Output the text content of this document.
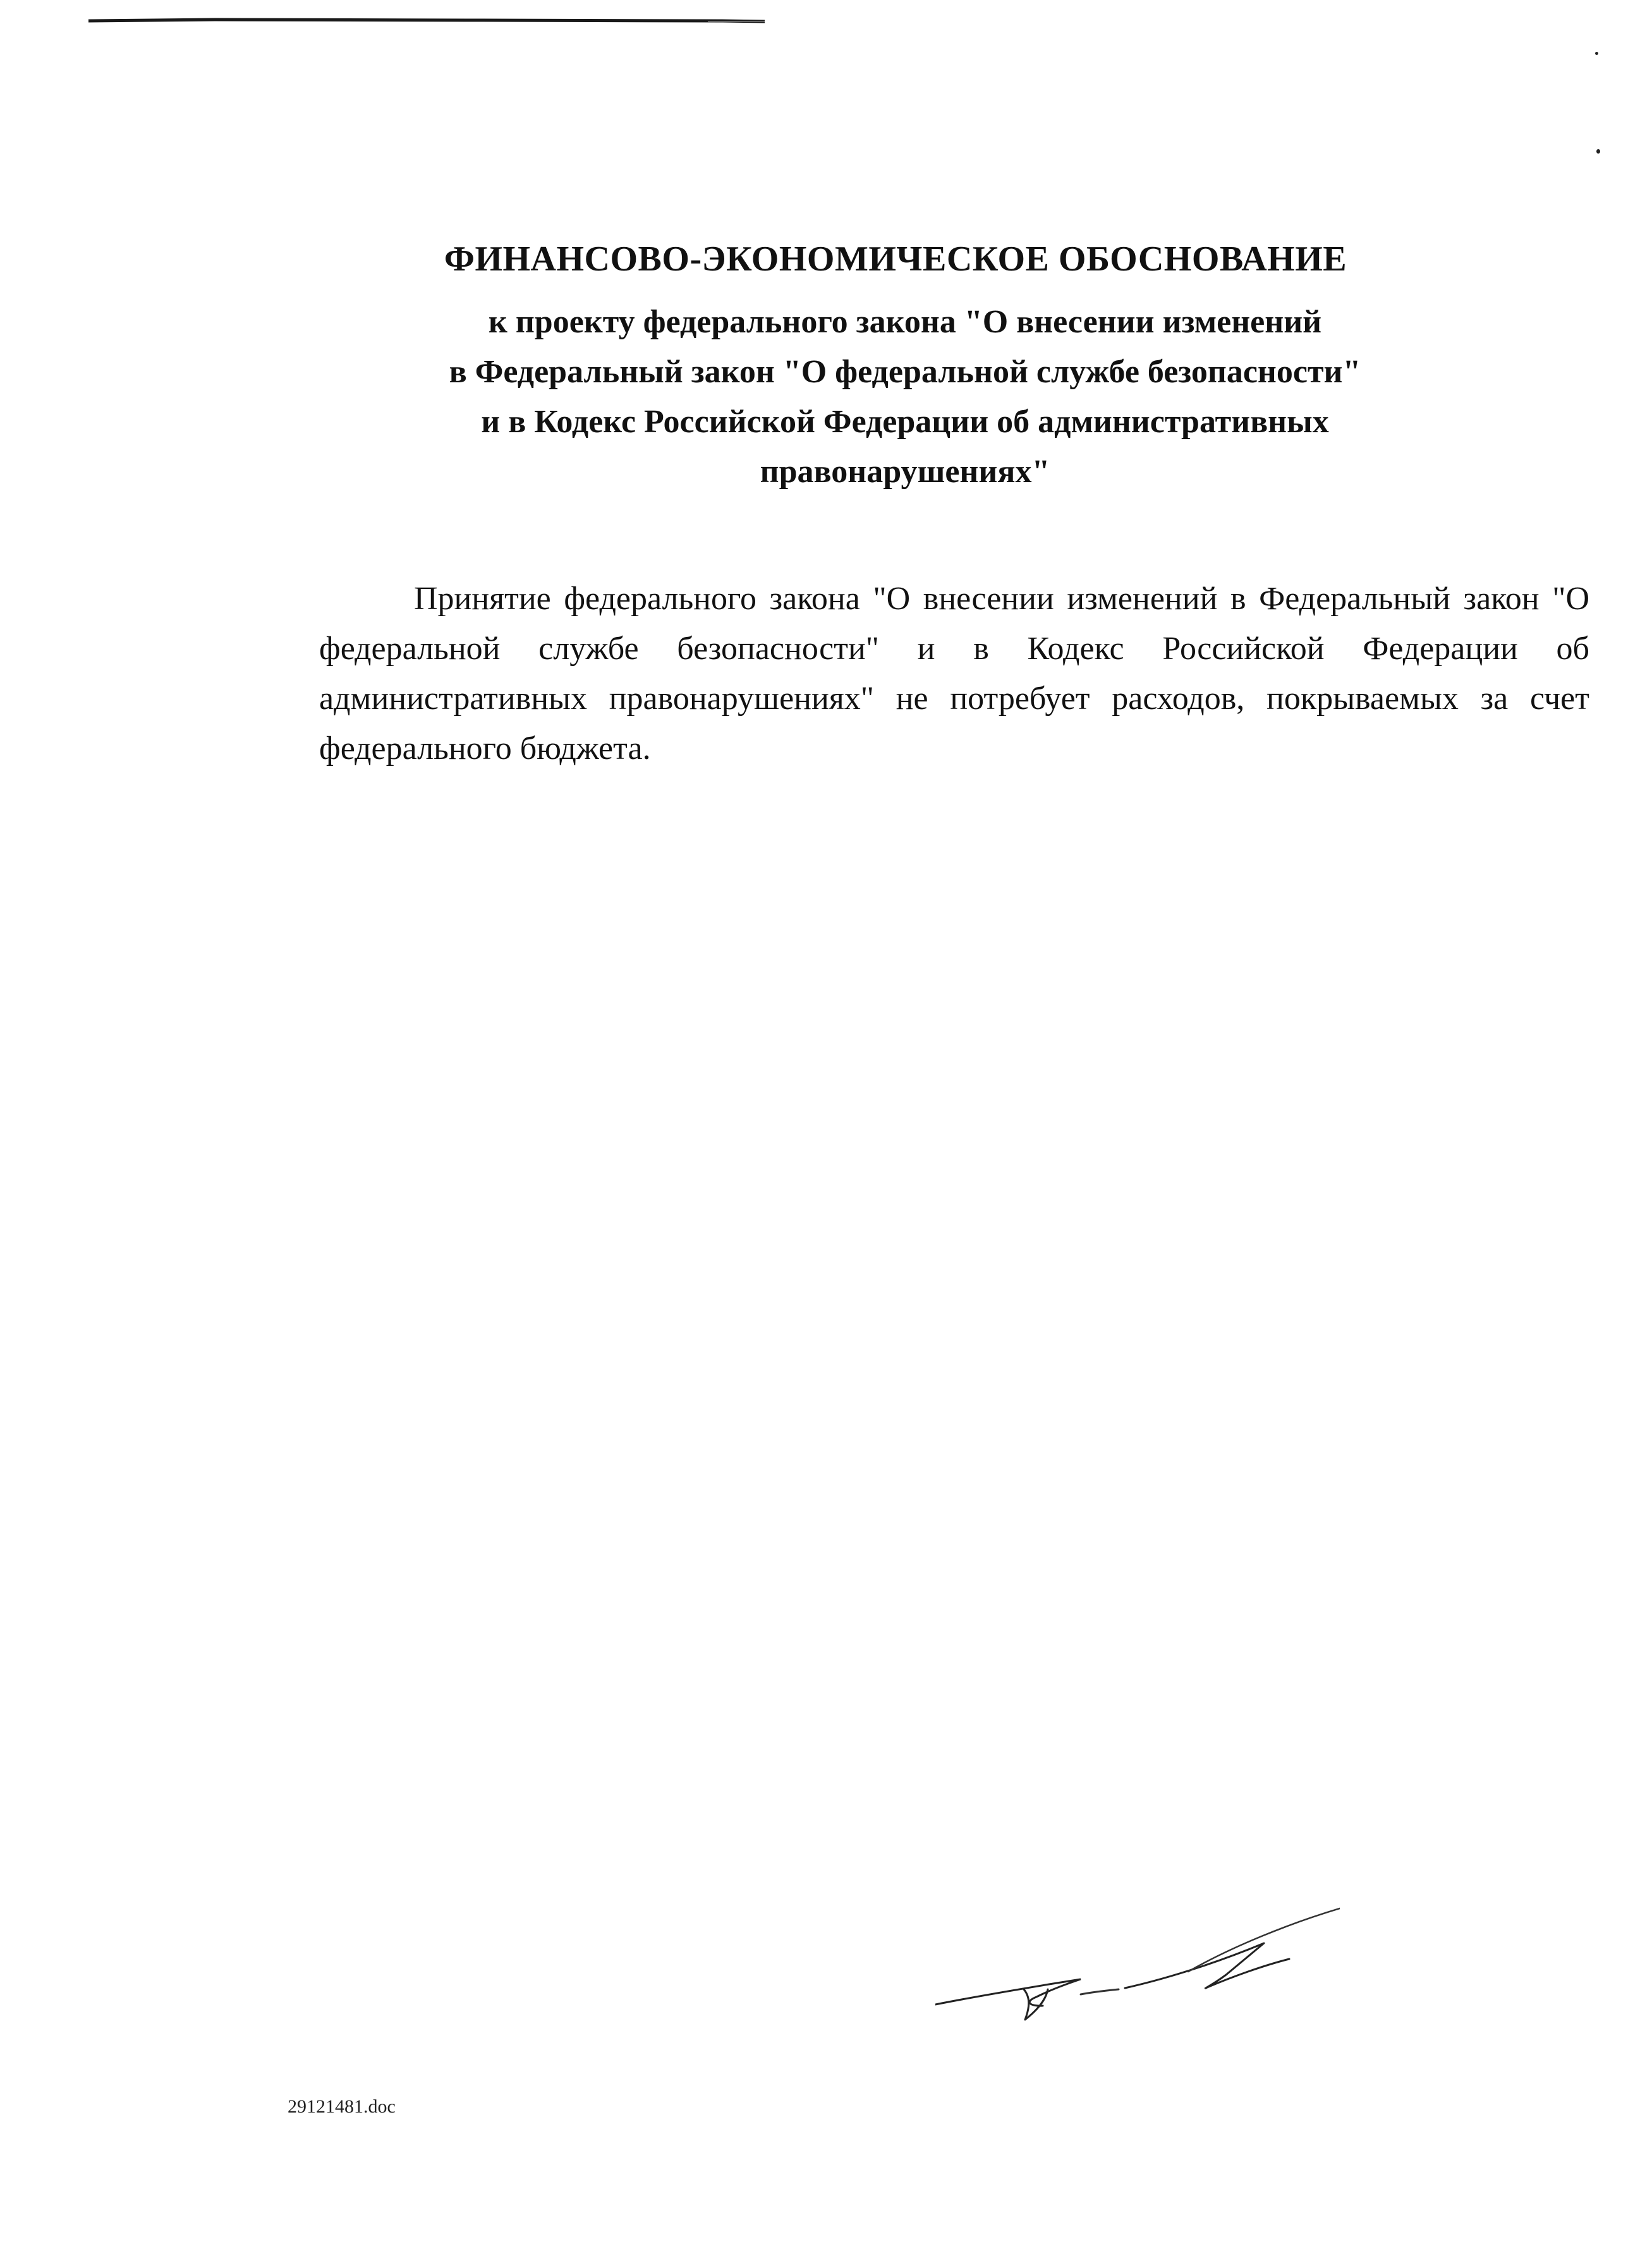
ФИНАНСОВО-ЭКОНОМИЧЕСКОЕ ОБОСНОВАНИЕ
к проекту федерального закона "О внесении изменений
в Федеральный закон "О федеральной службе безопасности"
и в Кодекс Российской Федерации об административных
правонарушениях"

Принятие федерального закона "О внесении изменений в Федеральный закон "О федеральной службе безопасности" и в Кодекс Российской Федерации об административных правонарушениях" не потребует расходов, покрываемых за счет федерального бюджета.

29121481.doc
